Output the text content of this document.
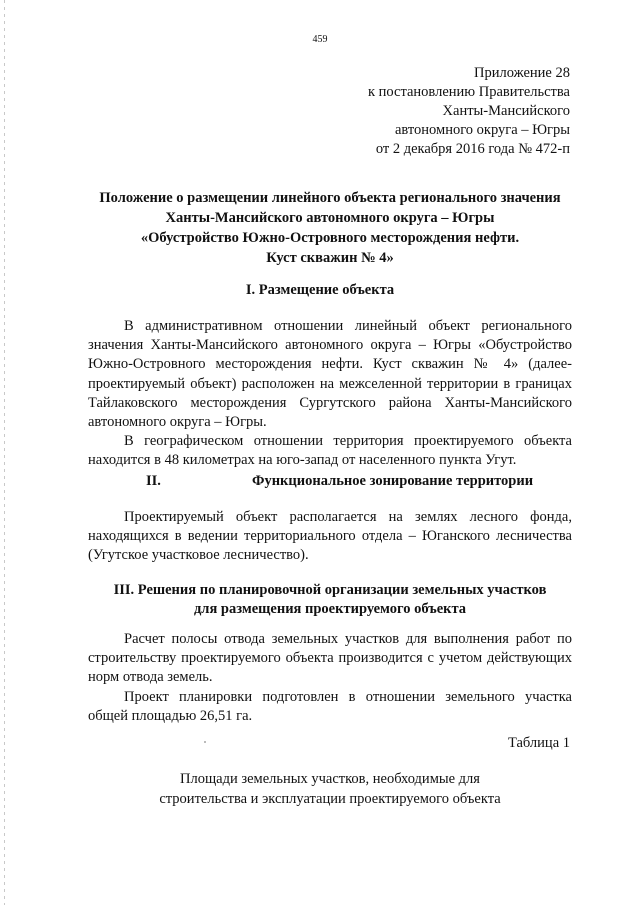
459
Приложение 28
к постановлению Правительства
Ханты-Мансийского
автономного округа – Югры
от 2 декабря 2016 года № 472-п
Положение о размещении линейного объекта регионального значения
Ханты-Мансийского автономного округа – Югры
«Обустройство Южно-Островного месторождения нефти.
Куст скважин № 4»
I. Размещение объекта

В административном отношении линейный объект регионального значения Ханты-Мансийского автономного округа – Югры «Обустройство Южно-Островного месторождения нефти. Куст скважин № 4» (далее-проектируемый объект) расположен на межселенной территории в границах Тайлаковского месторождения Сургутского района Ханты-Мансийского автономного округа – Югры.

В географическом отношении территория проектируемого объекта находится в 48 километрах на юго-запад от населенного пункта Угут.

II.	Функциональное зонирование территории

Проектируемый объект располагается на землях лесного фонда, находящихся в ведении территориального отдела – Юганского лесничества (Угутское участковое лесничество).

III. Решения по планировочной организации земельных участков
для размещения проектируемого объекта

Расчет полосы отвода земельных участков для выполнения работ по строительству проектируемого объекта производится с учетом действующих норм отвода земель.

Проект планировки подготовлен в отношении земельного участка общей площадью 26,51 га.

Таблица 1
Площади земельных участков, необходимые для
строительства и эксплуатации проектируемого объекта
